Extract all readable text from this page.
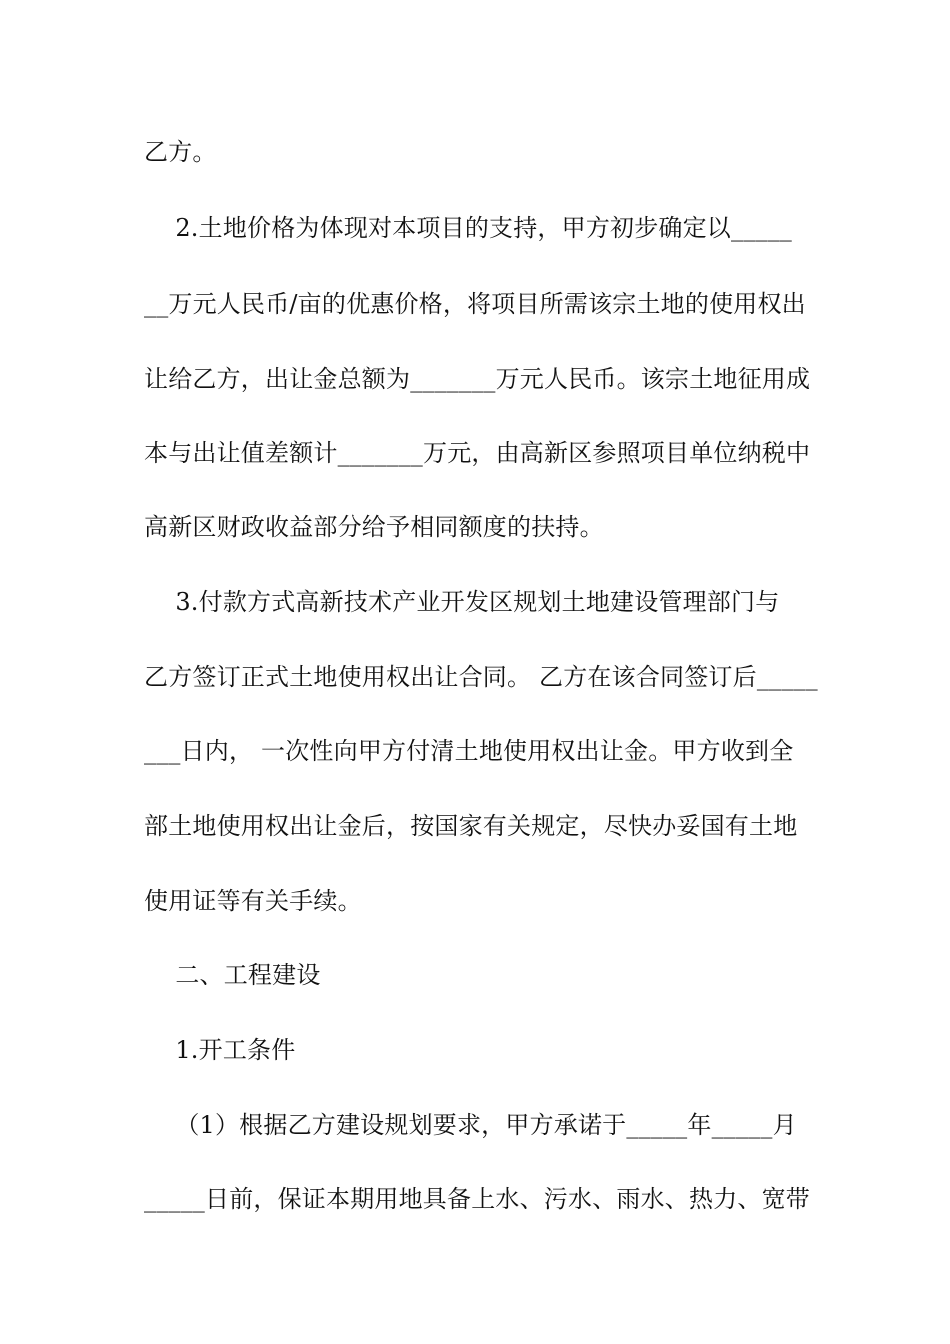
乙方。
2.土地价格为体现对本项目的支持，甲方初步确定以_____
__万元人民币/亩的优惠价格，将项目所需该宗土地的使用权出
让给乙方，出让金总额为_______万元人民币。该宗土地征用成
本与出让值差额计_______万元，由高新区参照项目单位纳税中
高新区财政收益部分给予相同额度的扶持。
3.付款方式高新技术产业开发区规划土地建设管理部门与
乙方签订正式土地使用权出让合同。 乙方在该合同签订后_____
___日内， 一次性向甲方付清土地使用权出让金。甲方收到全
部土地使用权出让金后，按国家有关规定，尽快办妥国有土地
使用证等有关手续。
二、工程建设
1.开工条件
（1）根据乙方建设规划要求，甲方承诺于_____年_____月
_____日前，保证本期用地具备上水、污水、雨水、热力、宽带
